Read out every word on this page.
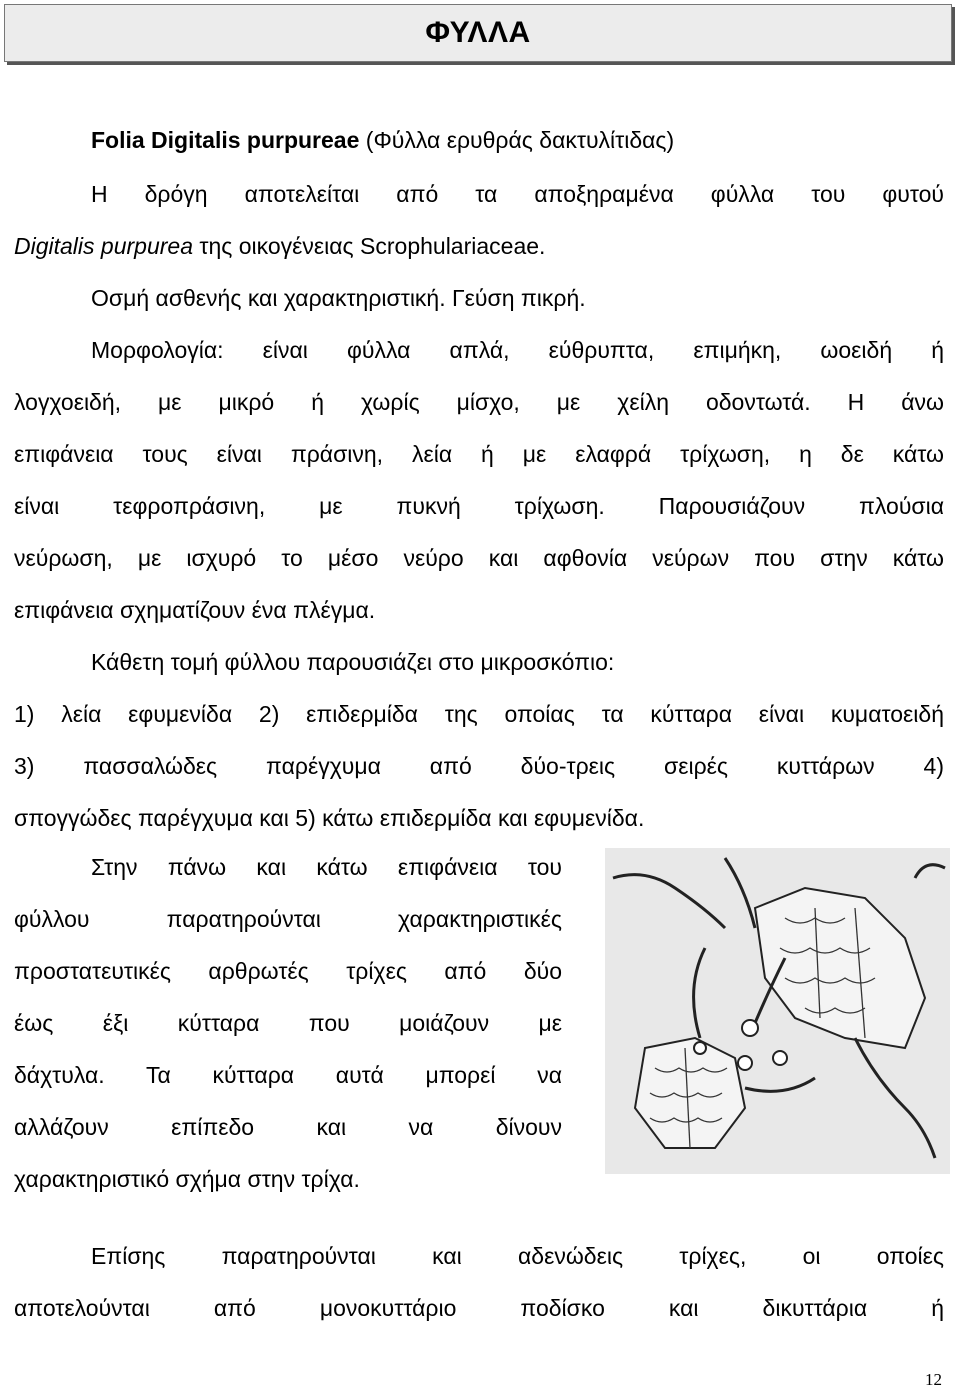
ΦΥΛΛΑ
Folia Digitalis purpureae (Φύλλα ερυθράς δακτυλίτιδας)
Η δρόγη αποτελείται από τα αποξηραμένα φύλλα του φυτού
Digitalis purpurea της οικογένειας Scrophulariaceae.
Οσμή ασθενής και χαρακτηριστική. Γεύση πικρή.
Μορφολογία: είναι φύλλα απλά, εύθρυπτα, επιμήκη, ωοειδή ή
λογχοειδή, με μικρό ή χωρίς μίσχο, με χείλη οδοντωτά. Η άνω
επιφάνεια τους είναι πράσινη, λεία ή με ελαφρά τρίχωση, η δε κάτω
είναι τεφροπράσινη, με πυκνή τρίχωση. Παρουσιάζουν πλούσια
νεύρωση, με ισχυρό το μέσο νεύρο και αφθονία νεύρων που στην κάτω
επιφάνεια σχηματίζουν ένα πλέγμα.
Κάθετη τομή φύλλου παρουσιάζει στο μικροσκόπιο:
1) λεία εφυμενίδα 2) επιδερμίδα της οποίας τα κύτταρα είναι κυματοειδή
3) πασσαλώδες παρέγχυμα από δύο-τρεις σειρές κυττάρων 4)
σπογγώδες παρέγχυμα και 5) κάτω επιδερμίδα και εφυμενίδα.
Στην πάνω και κάτω επιφάνεια του
φύλλου παρατηρούνται χαρακτηριστικές
προστατευτικές αρθρωτές τρίχες από δύο
έως έξι κύτταρα που μοιάζουν με
δάχτυλα. Τα κύτταρα αυτά μπορεί να
αλλάζουν επίπεδο και να δίνουν
χαρακτηριστικό σχήμα στην τρίχα.
Επίσης παρατηρούνται και αδενώδεις τρίχες, οι οποίες
αποτελούνται από μονοκυττάριο ποδίσκο και δικυττάρια ή
12
